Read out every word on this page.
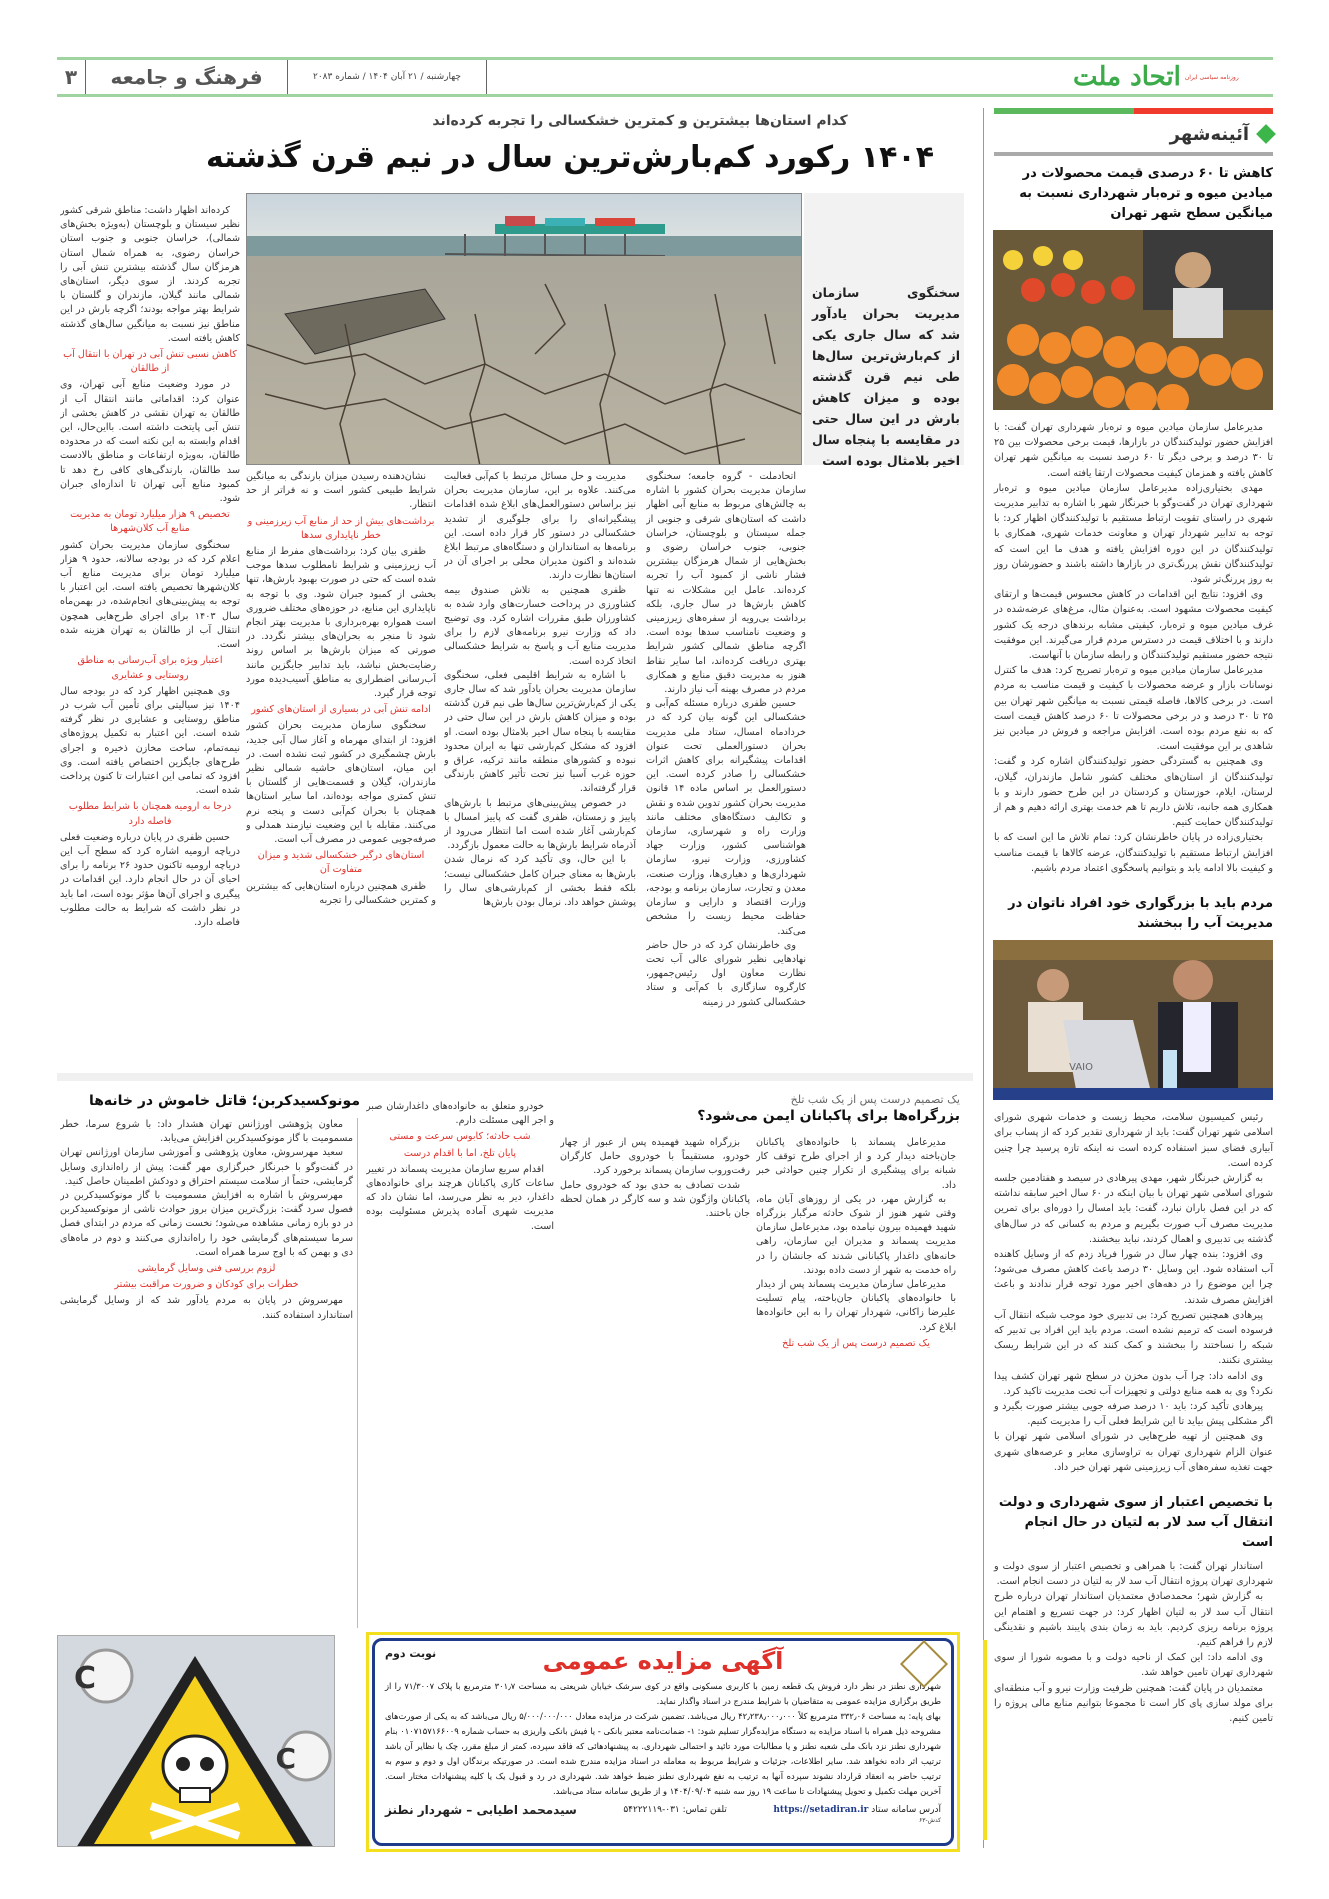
روزنامه سیاسی ایران
اتحاد ملت
چهارشنبه / ۲۱ آبان ۱۴۰۴ / شماره ۲۰۸۳
فرهنگ و جامعه
۳
کدام استان‌ها بیشترین و کمترین خشکسالی را تجربه کرده‌اند
۱۴۰۴ رکورد کم‌بارش‌ترین سال در نیم قرن گذشته
سخنگوی سازمان مدیریت بحران یادآور شد که سال جاری یکی از کم‌بارش‌ترین سال‌ها طی نیم قرن گذشته بوده و میزان کاهش بارش در این سال حتی در مقایسه با پنجاه سال اخیر بلامثال بوده است

اتحادملت - گروه جامعه؛ سخنگوی سازمان مدیریت بحران کشور با اشاره به چالش‌های مربوط به منابع آبی اظهار داشت که استان‌های شرقی و جنوبی از جمله سیستان و بلوچستان، خراسان جنوبی، جنوب خراسان رضوی و بخش‌هایی از شمال هرمزگان بیشترین فشار ناشی از کمبود آب را تجربه کرده‌اند. عامل این مشکلات نه تنها کاهش بارش‌ها در سال جاری، بلکه برداشت بی‌رویه از سفره‌های زیرزمینی و وضعیت نامناسب سدها بوده است. اگرچه مناطق شمالی کشور شرایط بهتری دریافت کرده‌اند، اما سایر نقاط هنوز به مدیریت دقیق منابع و همکاری مردم در مصرف بهینه آب نیاز دارند.

حسین ظفری درباره مسئله کم‌آبی و خشکسالی این گونه بیان کرد که در خردادماه امسال، ستاد ملی مدیریت بحران دستورالعملی تحت عنوان اقدامات پیشگیرانه برای کاهش اثرات خشکسالی را صادر کرده است. این دستورالعمل بر اساس ماده ۱۴ قانون مدیریت بحران کشور تدوین شده و نقش و تکالیف دستگاه‌های مختلف مانند وزارت راه و شهرسازی، سازمان هواشناسی کشور، وزارت جهاد کشاورزی، وزارت نیرو، سازمان شهرداری‌ها و دهیاری‌ها، وزارت صنعت، معدن و تجارت، سازمان برنامه و بودجه، وزارت اقتصاد و دارایی و سازمان حفاظت محیط زیست را مشخص می‌کند.

وی خاطرنشان کرد که در حال حاضر نهادهایی نظیر شورای عالی آب تحت نظارت معاون اول رئیس‌جمهور، کارگروه سازگاری با کم‌آبی و ستاد خشکسالی کشور در زمینه

مدیریت و حل مسائل مرتبط با کم‌آبی فعالیت می‌کنند. علاوه بر این، سازمان مدیریت بحران نیز براساس دستورالعمل‌های ابلاغ شده اقدامات پیشگیرانه‌ای را برای جلوگیری از تشدید خشکسالی در دستور کار قرار داده است. این برنامه‌ها به استانداران و دستگاه‌های مرتبط ابلاغ شده‌اند و اکنون مدیران محلی بر اجرای آن در استان‌ها نظارت دارند.

ظفری همچنین به تلاش صندوق بیمه کشاورزی در پرداخت خسارت‌های وارد شده به کشاورزان طبق مقررات اشاره کرد. وی توضیح داد که وزارت نیرو برنامه‌های لازم را برای مدیریت منابع آب و پاسخ به شرایط خشکسالی اتخاذ کرده است.

با اشاره به شرایط اقلیمی فعلی، سخنگوی سازمان مدیریت بحران یادآور شد که سال جاری یکی از کم‌بارش‌ترین سال‌ها طی نیم قرن گذشته بوده و میزان کاهش بارش در این سال حتی در مقایسه با پنجاه سال اخیر بلامثال بوده است. او افزود که مشکل کم‌بارشی تنها به ایران محدود نبوده و کشورهای منطقه مانند ترکیه، عراق و حوزه غرب آسیا نیز تحت تأثیر کاهش بارندگی قرار گرفته‌اند.

در خصوص پیش‌بینی‌های مرتبط با بارش‌های پاییز و زمستان، ظفری گفت که پاییز امسال با کم‌بارشی آغاز شده است اما انتظار می‌رود از آذرماه شرایط بارش‌ها به حالت معمول بازگردد.

با این حال، وی تأکید کرد که نرمال شدن بارش‌ها به معنای جبران کامل خشکسالی نیست؛ بلکه فقط بخشی از کم‌بارشی‌های سال را پوشش خواهد داد. نرمال بودن بارش‌ها

نشان‌دهنده رسیدن میزان بارندگی به میانگین شرایط طبیعی کشور است و نه فراتر از حد انتظار.

برداشت‌های بیش از حد از منابع آب زیرزمینی و خطر ناپایداری سدها

ظفری بیان کرد: برداشت‌های مفرط از منابع آب زیرزمینی و شرایط نامطلوب سدها موجب شده است که حتی در صورت بهبود بارش‌ها، تنها بخشی از کمبود جبران شود. وی با توجه به ناپایداری این منابع، در حوزه‌های مختلف ضروری است همواره بهره‌برداری با مدیریت بهتر انجام شود تا منجر به بحران‌های بیشتر نگردد. در صورتی که میزان بارش‌ها بر اساس روند رضایت‌بخش نباشد، باید تدابیر جایگزین مانند آب‌رسانی اضطراری به مناطق آسیب‌دیده مورد توجه قرار گیرد.

ادامه تنش آبی در بسیاری از استان‌های کشور

سخنگوی سازمان مدیریت بحران کشور افزود: از ابتدای مهرماه و آغاز سال آبی جدید، بارش چشمگیری در کشور ثبت نشده است. در این میان، استان‌های حاشیه شمالی نظیر مازندران، گیلان و قسمت‌هایی از گلستان با تنش کمتری مواجه بوده‌اند، اما سایر استان‌ها همچنان با بحران کم‌آبی دست و پنجه نرم می‌کنند. مقابله با این وضعیت نیازمند همدلی و صرفه‌جویی عمومی در مصرف آب است.

استان‌های درگیر خشکسالی شدید و میزان متفاوت آن

ظفری همچنین درباره استان‌هایی که بیشترین و کمترین خشکسالی را تجربه

کرده‌اند اظهار داشت: مناطق شرقی کشور نظیر سیستان و بلوچستان (به‌ویژه بخش‌های شمالی)، خراسان جنوبی و جنوب استان خراسان رضوی، به همراه شمال استان هرمزگان سال گذشته بیشترین تنش آبی را تجربه کردند. از سوی دیگر، استان‌های شمالی مانند گیلان، مازندران و گلستان با شرایط بهتر مواجه بودند؛ اگرچه بارش در این مناطق نیز نسبت به میانگین سال‌های گذشته کاهش یافته است.

کاهش نسبی تنش آبی در تهران با انتقال آب از طالقان

در مورد وضعیت منابع آبی تهران، وی عنوان کرد: اقداماتی مانند انتقال آب از طالقان به تهران نقشی در کاهش بخشی از تنش آبی پایتخت داشته است. بااین‌حال، این اقدام وابسته به این نکته است که در محدوده طالقان، به‌ویژه ارتفاعات و مناطق بالادست سد طالقان، بارندگی‌های کافی رخ دهد تا کمبود منابع آبی تهران تا اندازه‌ای جبران شود.

تخصیص ۹ هزار میلیارد تومان به مدیریت منابع آب کلان‌شهرها

سخنگوی سازمان مدیریت بحران کشور اعلام کرد که در بودجه سالانه، حدود ۹ هزار میلیارد تومان برای مدیریت منابع آب کلان‌شهرها تخصیص یافته است. این اعتبار با توجه به پیش‌بینی‌های انجام‌شده، در بهمن‌ماه سال ۱۴۰۳ برای اجرای طرح‌هایی همچون انتقال آب از طالقان به تهران هزینه شده است.

اعتبار ویژه برای آب‌رسانی به مناطق روستایی و عشایری

وی همچنین اظهار کرد که در بودجه سال ۱۴۰۴ نیز سیالیتی برای تأمین آب شرب در مناطق روستایی و عشایری در نظر گرفته شده است. این اعتبار به تکمیل پروژه‌های نیمه‌تمام، ساخت مخازن ذخیره و اجرای طرح‌های جایگزین اختصاص یافته است. وی افزود که تمامی این اعتبارات تا کنون پرداخت شده است.

درجا به ارومیه همچنان با شرایط مطلوب فاصله دارد

حسین ظفری در پایان درباره وضعیت فعلی دریاچه ارومیه اشاره کرد که سطح آب این دریاچه ارومیه تاکنون حدود ۲۶ برنامه را برای احیای آن در حال انجام دارد. این اقدامات در پیگیری و اجرای آن‌ها مؤثر بوده است، اما باید در نظر داشت که شرایط به حالت مطلوب فاصله دارد.

آئینه‌شهر
کاهش تا ۶۰ درصدی قیمت محصولات در میادین میوه و تره‌بار شهرداری نسبت به میانگین سطح شهر تهران

مدیرعامل سازمان میادین میوه و تره‌بار شهرداری تهران گفت: با افزایش حضور تولیدکنندگان در بازارها، قیمت برخی محصولات بین ۲۵ تا ۳۰ درصد و برخی دیگر تا ۶۰ درصد نسبت به میانگین شهر تهران کاهش یافته و همزمان کیفیت محصولات ارتقا یافته است.

مهدی بختیاری‌زاده مدیرعامل سازمان میادین میوه و تره‌بار شهرداری تهران در گفت‌وگو با خبرنگار شهر با اشاره به تدابیر مدیریت شهری در راستای تقویت ارتباط مستقیم با تولیدکنندگان اظهار کرد: با توجه به تدابیر شهردار تهران و معاونت خدمات شهری، همکاری با تولیدکنندگان در این دوره افزایش یافته و هدف ما این است که تولیدکنندگان نقش پررنگ‌تری در بازارها داشته باشند و حضورشان روز به روز پررنگ‌تر شود.

وی افزود: نتایج این اقدامات در کاهش محسوس قیمت‌ها و ارتقای کیفیت محصولات مشهود است. به‌عنوان مثال، مرغ‌های عرضه‌شده در غرف میادین میوه و تره‌بار، کیفیتی مشابه برندهای درجه یک کشور دارند و با اختلاف قیمت در دسترس مردم قرار می‌گیرند. این موفقیت نتیجه حضور مستقیم تولیدکنندگان و رابطه سازمان با آنهاست.

مدیرعامل سازمان میادین میوه و تره‌بار تصریح کرد: هدف ما کنترل نوسانات بازار و عرضه محصولات با کیفیت و قیمت مناسب به مردم است. در برخی کالاها، فاصله قیمتی نسبت به میانگین شهر تهران بین ۲۵ تا ۳۰ درصد و در برخی محصولات تا ۶۰ درصد کاهش قیمت است که به نفع مردم بوده است. افزایش مراجعه و فروش در میادین نیز شاهدی بر این موفقیت است.

وی همچنین به گستردگی حضور تولیدکنندگان اشاره کرد و گفت: تولیدکنندگان از استان‌های مختلف کشور شامل مازندران، گیلان، لرستان، ایلام، خوزستان و کردستان در این طرح حضور دارند و با همکاری همه جانبه، تلاش داریم تا هم خدمت بهتری ارائه دهیم و هم از تولیدکنندگان حمایت کنیم.

بختیاری‌زاده در پایان خاطرنشان کرد: تمام تلاش ما این است که با افزایش ارتباط مستقیم با تولیدکنندگان، عرضه کالاها با قیمت مناسب و کیفیت بالا ادامه یابد و بتوانیم پاسخگوی اعتماد مردم باشیم.

مردم باید با بزرگواری خود افراد ناتوان در مدیریت آب را ببخشند
VAIO

رئیس کمیسیون سلامت، محیط زیست و خدمات شهری شورای اسلامی شهر تهران گفت: باید از شهرداری تقدیر کرد که از پساب برای آبیاری فضای سبز استفاده کرده است نه اینکه تازه پرسید چرا چنین کرده است.

به گزارش خبرنگار شهر، مهدی پیرهادی در سیصد و هفتادمین جلسه شورای اسلامی شهر تهران با بیان اینکه در ۶۰ سال اخیر سابقه نداشته که در این فصل باران نبارد، گفت: باید امسال را دوره‌ای برای تمرین مدیریت مصرف آب صورت بگیریم و مردم به کسانی که در سال‌های گذشته بی‌ تدبیری و اهمال کردند، نباید ببخشند.

وی افزود: بنده چهار سال در شورا فریاد زدم که از وسایل کاهنده آب استفاده شود. این وسایل ۳۰ درصد باعث کاهش مصرف می‌شود؛ چرا این موضوع را در دهه‌های اخیر مورد توجه قرار ندادند و باعث افزایش مصرف شدند.

پیرهادی همچنین تصریح کرد: بی‌ تدبیری خود موجب شبکه انتقال آب فرسوده است که ترمیم نشده است. مردم باید این افراد بی تدبیر که شبکه را نساختند را ببخشند و کمک کنند که در این شرایط ریسک بیشتری نکنند.

وی ادامه داد: چرا آب بدون مخزن در سطح شهر تهران کشف پیدا نکرد؟ وی به همه منابع دولتی و تجهیزات آب تحت مدیریت تاکید کرد.

پیرهادی تأکید کرد: باید ۱۰ درصد صرفه جویی بیشتر صورت بگیرد و اگر مشکلی پیش بیاید تا این شرایط فعلی آب را مدیریت کنیم.

وی همچنین از تهیه طرح‌هایی در شورای اسلامی شهر تهران با عنوان الزام شهرداری تهران به تراوسازی معابر و عرصه‌های شهری جهت تغذیه سفره‌های آب زیرزمینی شهر تهران خبر داد.

با تخصیص اعتبار از سوی شهرداری و دولت انتقال آب سد لار به لتیان در حال انجام است

استاندار تهران گفت: با همراهی و تخصیص اعتبار از سوی دولت و شهرداری تهران پروژه انتقال آب سد لار به لتیان در دست انجام است.

به گزارش شهر؛ محمدصادق معتمدیان استاندار تهران درباره طرح انتقال آب سد لار به لتیان اظهار کرد: در جهت تسریع و اهتمام این پروژه برنامه ریزی کردیم. باید به زمان بندی پایبند باشیم و نقدینگی لازم را فراهم کنیم.

وی ادامه داد: این کمک از ناحیه دولت و با مصوبه شورا از سوی شهرداری تهران تامین خواهد شد.

معتمدیان در پایان گفت: همچنین ظرفیت وزارت نیرو و آب منطقه‌ای برای مولد سازی پای کار است تا مجموعا بتوانیم منابع مالی پروژه را تامین کنیم.

یک تصمیم درست پس از یک شب تلخ
بزرگراه‌ها برای پاکبانان ایمن می‌شود؟

مدیرعامل پسماند با خانواده‌های پاکبانان جان‌باخته دیدار کرد و از اجرای طرح توقف کار شبانه برای پیشگیری از تکرار چنین حوادثی خبر داد.

به گزارش مهر، در یکی از روزهای آبان ماه، وقتی شهر هنوز از شوک حادثه مرگبار بزرگراه شهید فهمیده بیرون نیامده بود، مدیرعامل سازمان مدیریت پسماند و مدیران این سازمان، راهی خانه‌های داغدار پاکبانانی شدند که جانشان را در راه خدمت به شهر از دست داده بودند.

مدیرعامل سازمان مدیریت پسماند پس از دیدار با خانواده‌های پاکبانان جان‌باخته، پیام تسلیت علیرضا زاکانی، شهردار تهران را به این خانواده‌ها ابلاغ کرد.

یک تصمیم درست پس از یک شب تلخ

بزرگراه شهید فهمیده پس از عبور از چهار خودرو، مستقیماً با خودروی حامل کارگران رفت‌وروب سازمان پسماند برخورد کرد.

شدت تصادف به حدی بود که خودروی حامل پاکبانان واژگون شد و سه کارگر در همان لحظه جان باختند.

خودرو متعلق به خانواده‌های داغدارشان صبر و اجر الهی مسئلت دارم.

شب حادثه؛ کابوس سرعت و مستی

پایان تلخ، اما با اقدام درست

اقدام سریع سازمان مدیریت پسماند در تغییر ساعات کاری پاکبانان هرچند برای خانواده‌های داغدار، دیر به نظر می‌رسد، اما نشان داد که مدیریت شهری آماده پذیرش مسئولیت بوده است.

مونوکسیدکربن؛ قاتل خاموش در خانه‌ها

معاون پژوهشی اورژانس تهران هشدار داد: با شروع سرما، خطر مسمومیت با گاز مونوکسیدکربن افزایش می‌یابد.

سعید مهرسروش، معاون پژوهشی و آموزشی سازمان اورژانس تهران در گفت‌وگو با خبرنگار خبرگزاری مهر گفت: پیش از راه‌اندازی وسایل گرمایشی، حتماً از سلامت سیستم احتراق و دودکش اطمینان حاصل کنید.

مهرسروش با اشاره به افزایش مسمومیت با گاز مونوکسیدکربن در فصول سرد گفت: بزرگ‌ترین میزان بروز حوادث ناشی از مونوکسیدکربن در دو بازه زمانی مشاهده می‌شود؛ نخست زمانی که مردم در ابتدای فصل سرما سیستم‌های گرمایشی خود را راه‌اندازی می‌کنند و دوم در ماه‌های دی و بهمن که با اوج سرما همراه است.

لزوم بررسی فنی وسایل گرمایشی

خطرات برای کودکان و ضرورت مراقبت بیشتر

مهرسروش در پایان به مردم یادآور شد که از وسایل گرمایشی استاندارد استفاده کنند.

C
C
نوبت دوم	آگهی مزایده عمومی

شهرداری نطنز در نظر دارد فروش یک قطعه زمین با کاربری مسکونی واقع در کوی سرشک خیابان شریعتی به مساحت ۳۰۱٫۷ مترمربع با پلاک ۷۱/۳۰۰۷ را از طریق برگزاری مزایده عمومی به متقاضیان با شرایط مندرج در اسناد واگذار نماید.

بهای پایه: به مساحت ۳۳۲٫۰۶ مترمربع کلاً ۴۲٫۲۳۸٫۰۰۰٫۰۰۰ ریال می‌باشد. تضمین شرکت در مزایده معادل ۵/۰۰۰/۰۰۰/۰۰۰ ریال می‌باشد که به یکی از صورت‌های مشروحه ذیل همراه با اسناد مزایده به دستگاه مزایده‌گزار تسلیم شود: ۱- ضمانت‌نامه معتبر بانکی - یا فیش بانکی واریزی به حساب شماره ۰۱۰۷۱۵۷۱۶۶۰۰۹ بنام شهرداری نطنز نزد بانک ملی شعبه نطنز و یا مطالبات مورد تائید و احتمالی شهرداری. به پیشنهادهائی که فاقد سپرده، کمتر از مبلغ مقرر، چک یا نظایر آن باشد ترتیب اثر داده نخواهد شد. سایر اطلاعات، جزئیات و شرایط مربوط به معامله در اسناد مزایده مندرج شده است. در صورتیکه برندگان اول و دوم و سوم به ترتیب حاضر به انعقاد قرارداد نشوند سپرده آنها به ترتیب به نفع شهرداری نطنز ضبط خواهد شد. شهرداری در رد و قبول یک یا کلیه پیشنهادات مختار است. آخرین مهلت تکمیل و تحویل پیشنهادات تا ساعت ۱۹ روز سه شنبه ۱۴۰۴/۰۹/۰۴ و از طریق سامانه ستاد می‌باشد.

آدرس سامانه ستاد https://setadiran.ir
تلفن تماس: ۰۳۱-۵۴۲۲۲۱۱۹
سیدمحمد اطیابی – شهردار نطنز
کدش-۶۳
